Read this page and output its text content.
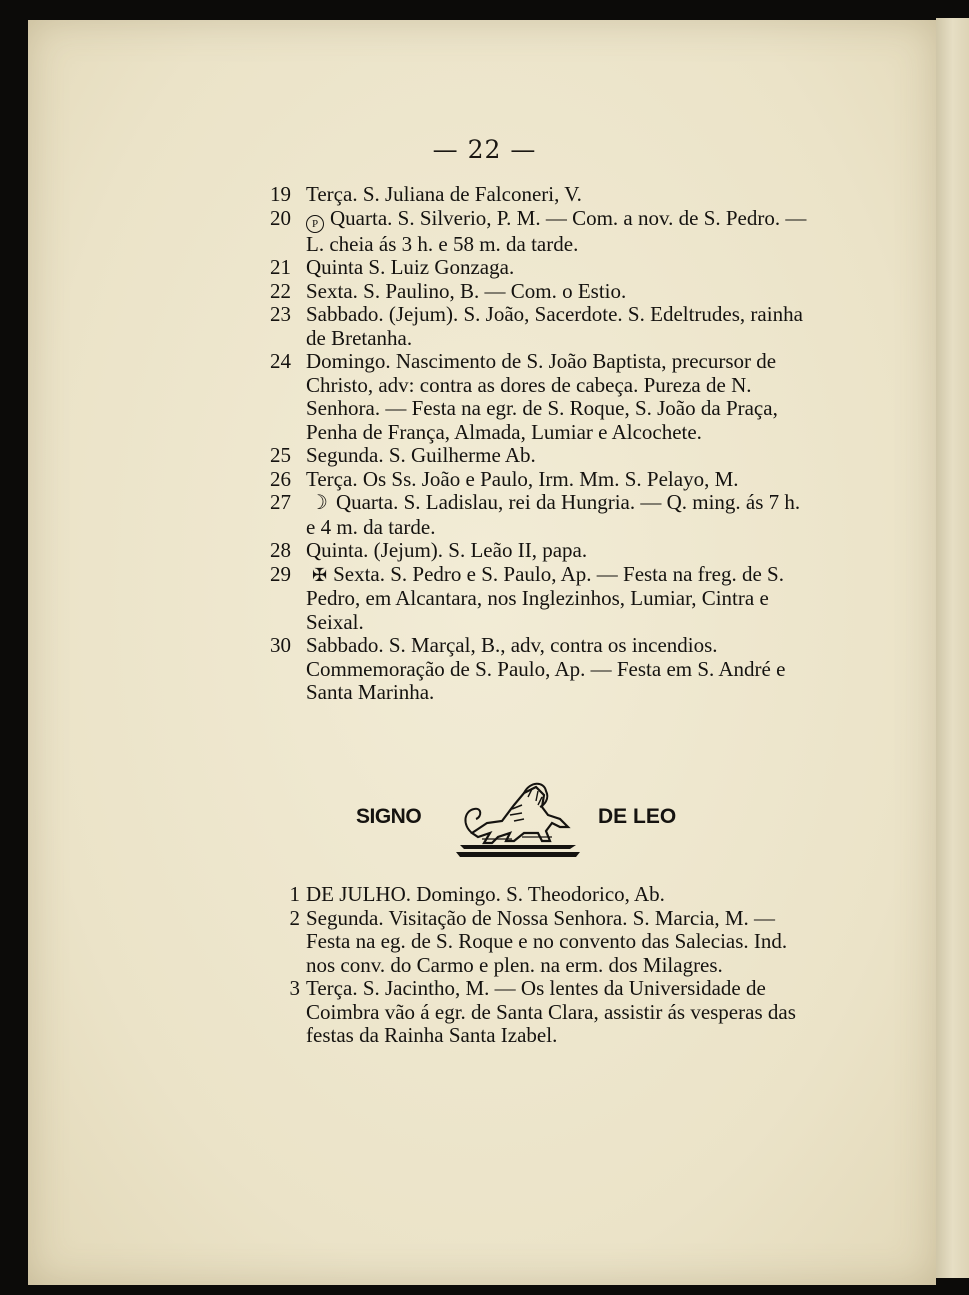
— 22 —
19 Terça. S. Juliana de Falconeri, V.
20 P Quarta. S. Silverio, P. M. — Com. a nov. de S. Pedro. — L. cheia ás 3 h. e 58 m. da tarde.
21 Quinta S. Luiz Gonzaga.
22 Sexta. S. Paulino, B. — Com. o Estio.
23 Sabbado. (Jejum). S. João, Sacerdote. S. Edeltrudes, rainha de Bretanha.
24 Domingo. Nascimento de S. João Baptista, precursor de Christo, adv: contra as dores de cabeça. Pureza de N. Senhora. — Festa na egr. de S. Roque, S. João da Praça, Penha de França, Almada, Lumiar e Alcochete.
25 Segunda. S. Guilherme Ab.
26 Terça. Os Ss. João e Paulo, Irm. Mm. S. Pelayo, M.
27 ☽ Quarta. S. Ladislau, rei da Hungria. — Q. ming. ás 7 h. e 4 m. da tarde.
28 Quinta. (Jejum). S. Leão II, papa.
29 ✠ Sexta. S. Pedro e S. Paulo, Ap. — Festa na freg. de S. Pedro, em Alcantara, nos Inglezinhos, Lumiar, Cintra e Seixal.
30 Sabbado. S. Marçal, B., adv, contra os incendios. Commemoração de S. Paulo, Ap. — Festa em S. André e Santa Marinha.
SIGNO	DE LEO
1 DE JULHO. Domingo. S. Theodorico, Ab.
2 Segunda. Visitação de Nossa Senhora. S. Marcia, M. — Festa na eg. de S. Roque e no convento das Salecias. Ind. nos conv. do Carmo e plen. na erm. dos Milagres.
3 Terça. S. Jacintho, M. — Os lentes da Universidade de Coimbra vão á egr. de Santa Clara, assistir ás vesperas das festas da Rainha Santa Izabel.
